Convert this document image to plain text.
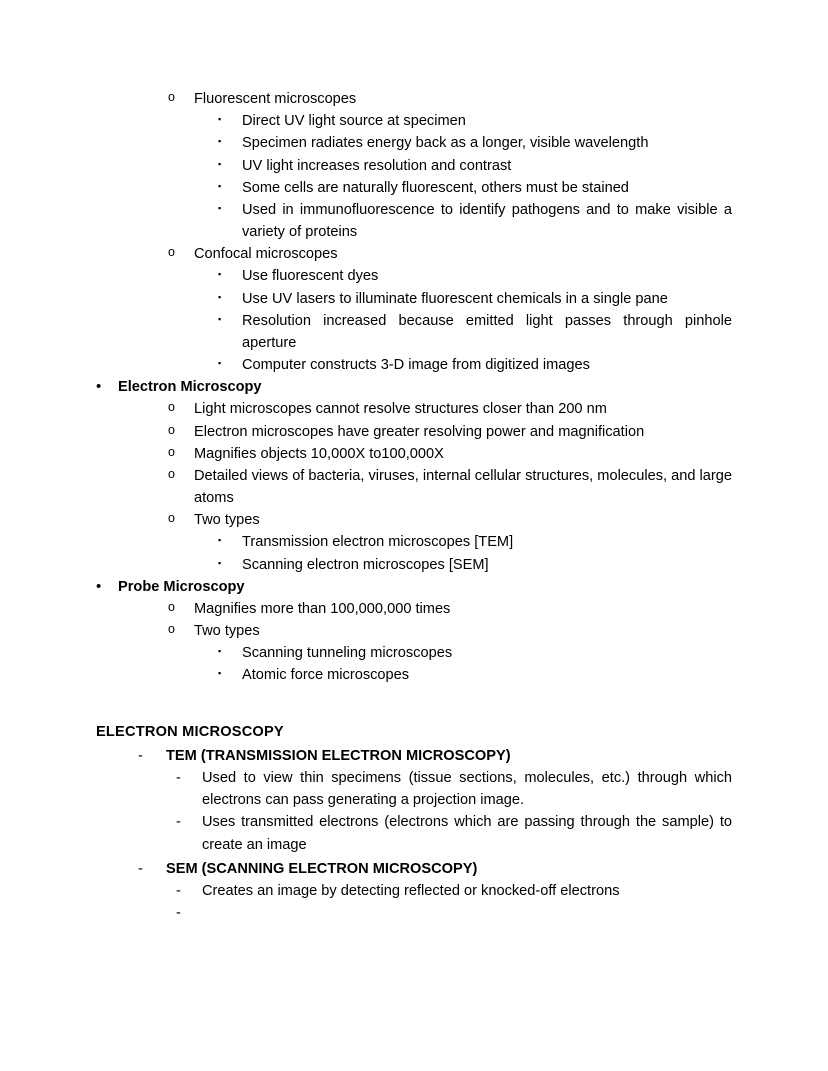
o	Fluorescent microscopes
▪	Direct UV light source at specimen
▪	Specimen radiates energy back as a longer, visible wavelength
▪	UV light increases resolution and contrast
▪	Some cells are naturally fluorescent, others must be stained
▪	Used in immunofluorescence to identify pathogens and to make visible a variety of proteins
o	Confocal microscopes
▪	Use fluorescent dyes
▪	Use UV lasers to illuminate fluorescent chemicals in a single pane
▪	Resolution increased because emitted light passes through pinhole aperture
▪	Computer constructs 3-D image from digitized images
•	Electron Microscopy
o	Light microscopes cannot resolve structures closer than 200 nm
o	Electron microscopes have greater resolving power and magnification
o	Magnifies objects 10,000X to100,000X
o	Detailed views of bacteria, viruses, internal cellular structures, molecules, and large atoms
o	Two types
▪	Transmission electron microscopes [TEM]
▪	Scanning electron microscopes [SEM]
•	Probe Microscopy
o	Magnifies more than 100,000,000 times
o	Two types
▪	Scanning tunneling microscopes
▪	Atomic force microscopes
ELECTRON MICROSCOPY
-	TEM (TRANSMISSION ELECTRON MICROSCOPY)
-	Used to view thin specimens (tissue sections, molecules, etc.) through which electrons can pass generating a projection image.
-	Uses transmitted electrons (electrons which are passing through the sample) to create an image
-	SEM (SCANNING ELECTRON MICROSCOPY)
-	Creates an image by detecting reflected or knocked-off electrons
-
